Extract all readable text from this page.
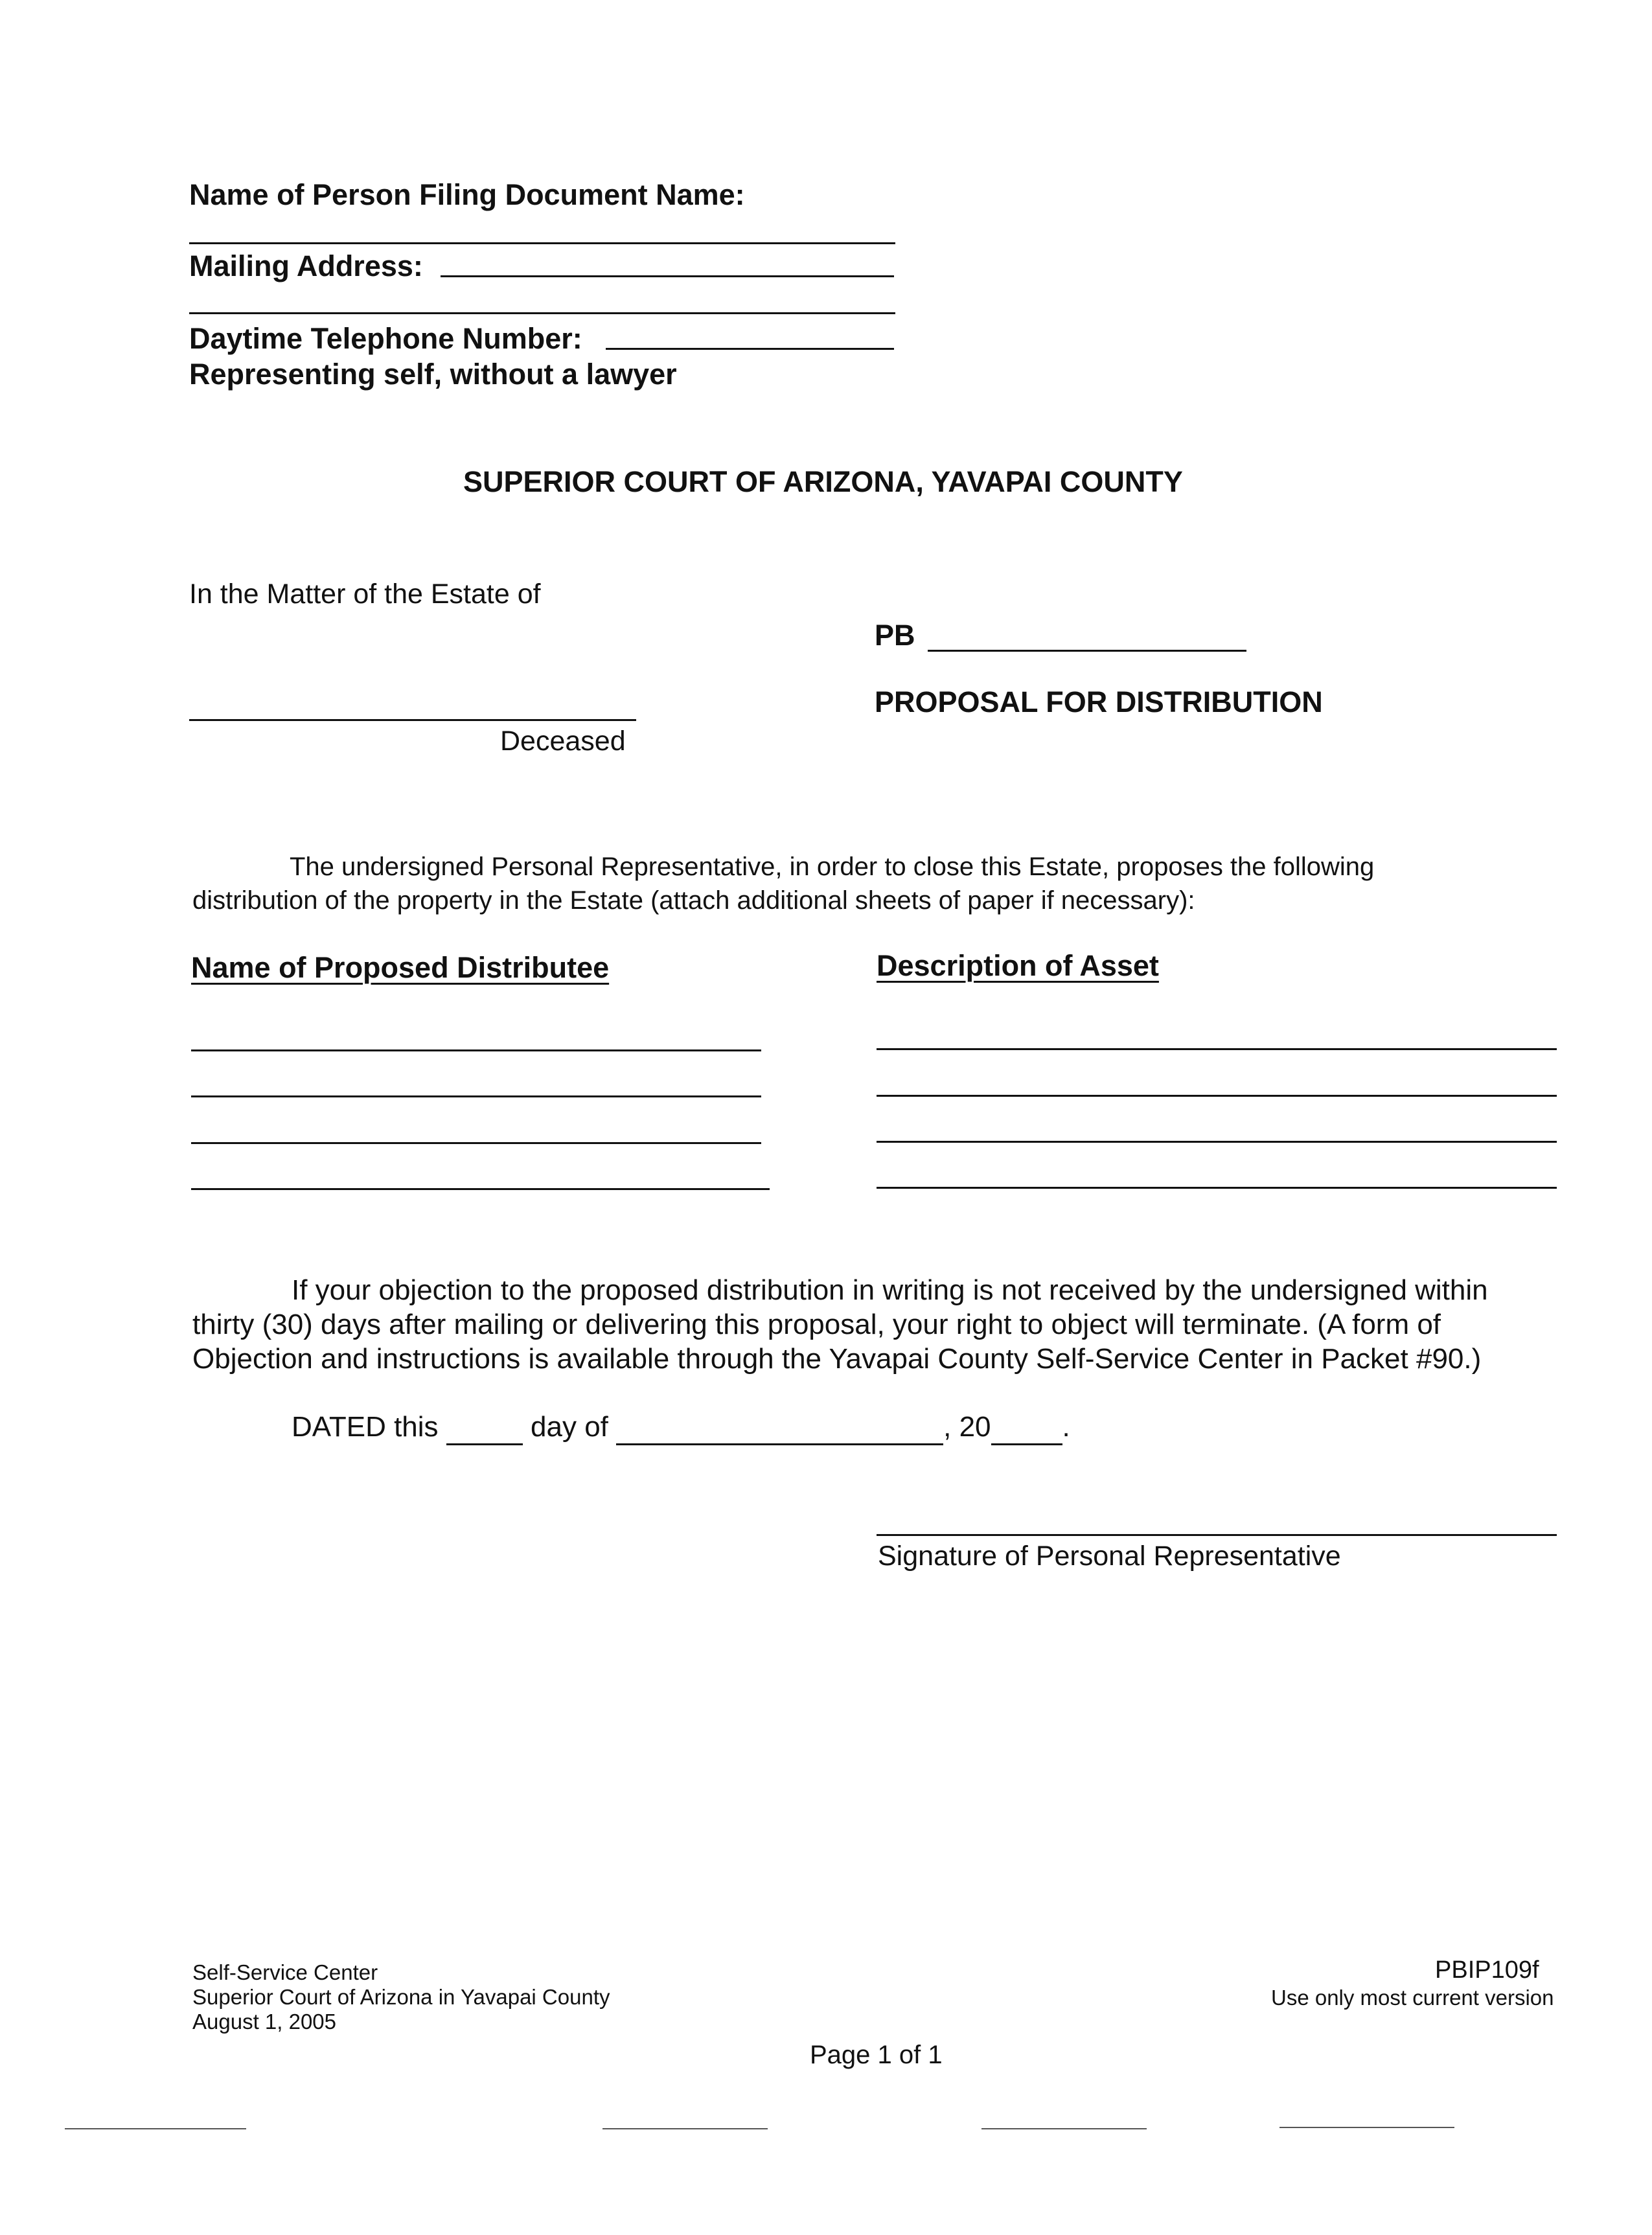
Name of Person Filing Document Name:
Mailing Address:
Daytime Telephone Number:
Representing self, without a lawyer
SUPERIOR COURT OF ARIZONA, YAVAPAI COUNTY
In the Matter of the Estate of
PB
Deceased
PROPOSAL FOR DISTRIBUTION
The undersigned Personal Representative, in order to close this Estate, proposes the following
distribution of the property in the Estate (attach additional sheets of paper if necessary):
Name of Proposed Distributee	Description of Asset
If your objection to the proposed distribution in writing is not received by the undersigned within
thirty (30) days after mailing or delivering this proposal, your right to object will terminate. (A form of
Objection and instructions is available through the Yavapai County Self-Service Center in Packet #90.)
DATED this	day of	, 20	.
Signature of Personal Representative
Self-Service Center
Superior Court of Arizona in Yavapai County
August 1, 2005
PBIP109f
Use only most current version
Page 1 of 1
